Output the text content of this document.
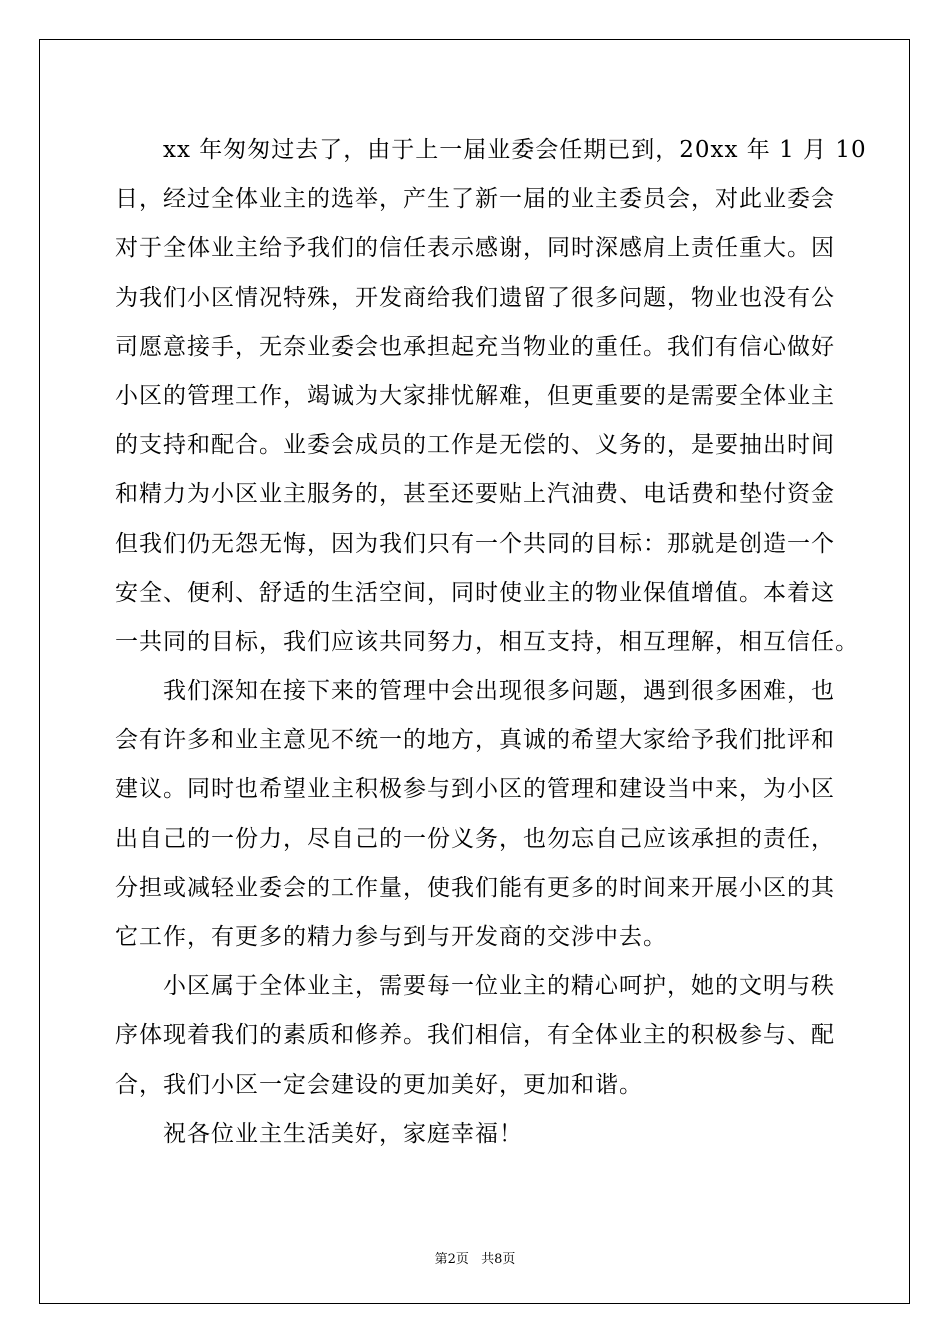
xx 年匆匆过去了，由于上一届业委会任期已到，20xx 年 1 月 10
日，经过全体业主的选举，产生了新一届的业主委员会，对此业委会
对于全体业主给予我们的信任表示感谢，同时深感肩上责任重大。因
为我们小区情况特殊，开发商给我们遗留了很多问题，物业也没有公
司愿意接手，无奈业委会也承担起充当物业的重任。我们有信心做好
小区的管理工作，竭诚为大家排忧解难，但更重要的是需要全体业主
的支持和配合。业委会成员的工作是无偿的、义务的，是要抽出时间
和精力为小区业主服务的，甚至还要贴上汽油费、电话费和垫付资金
但我们仍无怨无悔，因为我们只有一个共同的目标：那就是创造一个
安全、便利、舒适的生活空间，同时使业主的物业保值增值。本着这
一共同的目标，我们应该共同努力，相互支持，相互理解，相互信任。
我们深知在接下来的管理中会出现很多问题，遇到很多困难，也
会有许多和业主意见不统一的地方，真诚的希望大家给予我们批评和
建议。同时也希望业主积极参与到小区的管理和建设当中来，为小区
出自己的一份力，尽自己的一份义务，也勿忘自己应该承担的责任，
分担或减轻业委会的工作量，使我们能有更多的时间来开展小区的其
它工作，有更多的精力参与到与开发商的交涉中去。
小区属于全体业主，需要每一位业主的精心呵护，她的文明与秩
序体现着我们的素质和修养。我们相信，有全体业主的积极参与、配
合，我们小区一定会建设的更加美好，更加和谐。
祝各位业主生活美好，家庭幸福！
第2页 共8页
